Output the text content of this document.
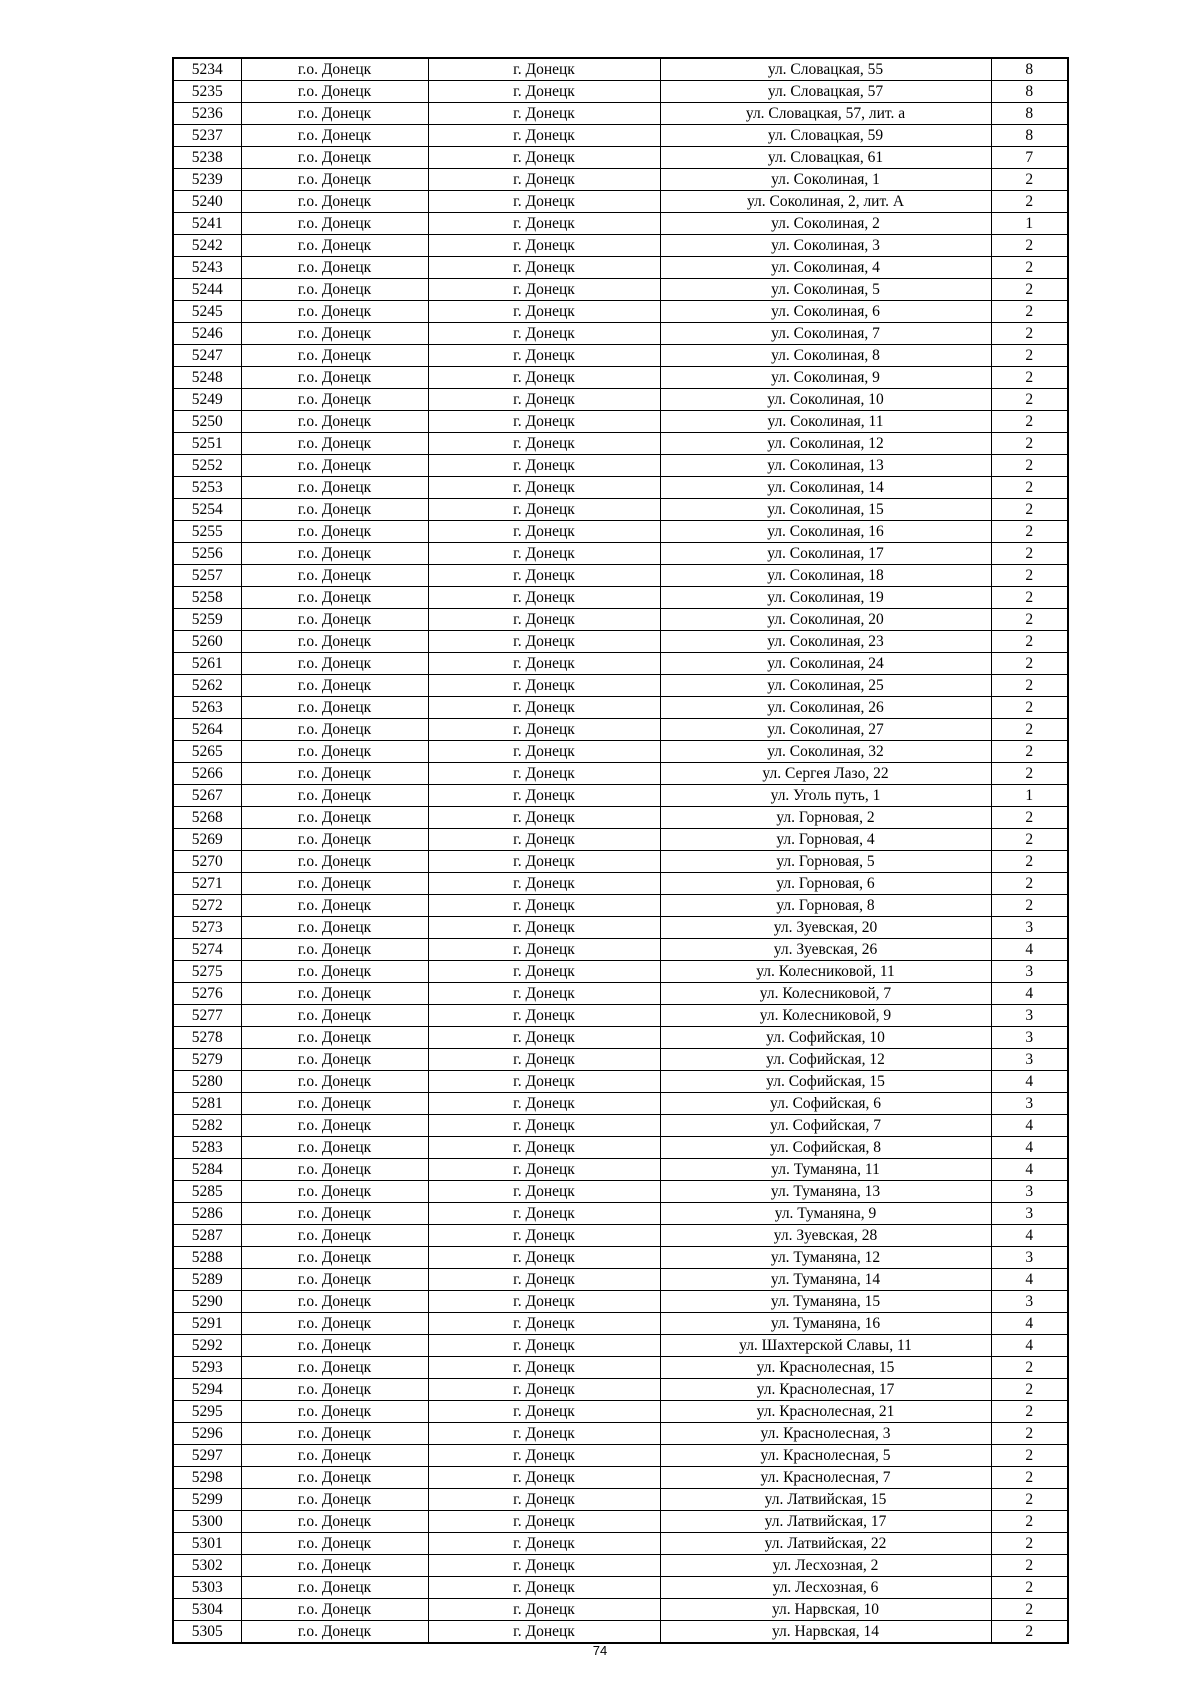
5234	г.о. Донецк	г. Донецк	ул. Словацкая, 55	8
5235	г.о. Донецк	г. Донецк	ул. Словацкая, 57	8
5236	г.о. Донецк	г. Донецк	ул. Словацкая, 57, лит. а	8
5237	г.о. Донецк	г. Донецк	ул. Словацкая, 59	8
5238	г.о. Донецк	г. Донецк	ул. Словацкая, 61	7
5239	г.о. Донецк	г. Донецк	ул. Соколиная, 1	2
5240	г.о. Донецк	г. Донецк	ул. Соколиная, 2, лит. А	2
5241	г.о. Донецк	г. Донецк	ул. Соколиная, 2	1
5242	г.о. Донецк	г. Донецк	ул. Соколиная, 3	2
5243	г.о. Донецк	г. Донецк	ул. Соколиная, 4	2
5244	г.о. Донецк	г. Донецк	ул. Соколиная, 5	2
5245	г.о. Донецк	г. Донецк	ул. Соколиная, 6	2
5246	г.о. Донецк	г. Донецк	ул. Соколиная, 7	2
5247	г.о. Донецк	г. Донецк	ул. Соколиная, 8	2
5248	г.о. Донецк	г. Донецк	ул. Соколиная, 9	2
5249	г.о. Донецк	г. Донецк	ул. Соколиная, 10	2
5250	г.о. Донецк	г. Донецк	ул. Соколиная, 11	2
5251	г.о. Донецк	г. Донецк	ул. Соколиная, 12	2
5252	г.о. Донецк	г. Донецк	ул. Соколиная, 13	2
5253	г.о. Донецк	г. Донецк	ул. Соколиная, 14	2
5254	г.о. Донецк	г. Донецк	ул. Соколиная, 15	2
5255	г.о. Донецк	г. Донецк	ул. Соколиная, 16	2
5256	г.о. Донецк	г. Донецк	ул. Соколиная, 17	2
5257	г.о. Донецк	г. Донецк	ул. Соколиная, 18	2
5258	г.о. Донецк	г. Донецк	ул. Соколиная, 19	2
5259	г.о. Донецк	г. Донецк	ул. Соколиная, 20	2
5260	г.о. Донецк	г. Донецк	ул. Соколиная, 23	2
5261	г.о. Донецк	г. Донецк	ул. Соколиная, 24	2
5262	г.о. Донецк	г. Донецк	ул. Соколиная, 25	2
5263	г.о. Донецк	г. Донецк	ул. Соколиная, 26	2
5264	г.о. Донецк	г. Донецк	ул. Соколиная, 27	2
5265	г.о. Донецк	г. Донецк	ул. Соколиная, 32	2
5266	г.о. Донецк	г. Донецк	ул. Сергея Лазо, 22	2
5267	г.о. Донецк	г. Донецк	ул. Уголь путь, 1	1
5268	г.о. Донецк	г. Донецк	ул. Горновая, 2	2
5269	г.о. Донецк	г. Донецк	ул. Горновая, 4	2
5270	г.о. Донецк	г. Донецк	ул. Горновая, 5	2
5271	г.о. Донецк	г. Донецк	ул. Горновая, 6	2
5272	г.о. Донецк	г. Донецк	ул. Горновая, 8	2
5273	г.о. Донецк	г. Донецк	ул. Зуевская, 20	3
5274	г.о. Донецк	г. Донецк	ул. Зуевская, 26	4
5275	г.о. Донецк	г. Донецк	ул. Колесниковой, 11	3
5276	г.о. Донецк	г. Донецк	ул. Колесниковой, 7	4
5277	г.о. Донецк	г. Донецк	ул. Колесниковой, 9	3
5278	г.о. Донецк	г. Донецк	ул. Софийская, 10	3
5279	г.о. Донецк	г. Донецк	ул. Софийская, 12	3
5280	г.о. Донецк	г. Донецк	ул. Софийская, 15	4
5281	г.о. Донецк	г. Донецк	ул. Софийская, 6	3
5282	г.о. Донецк	г. Донецк	ул. Софийская, 7	4
5283	г.о. Донецк	г. Донецк	ул. Софийская, 8	4
5284	г.о. Донецк	г. Донецк	ул. Туманяна, 11	4
5285	г.о. Донецк	г. Донецк	ул. Туманяна, 13	3
5286	г.о. Донецк	г. Донецк	ул. Туманяна, 9	3
5287	г.о. Донецк	г. Донецк	ул. Зуевская, 28	4
5288	г.о. Донецк	г. Донецк	ул. Туманяна, 12	3
5289	г.о. Донецк	г. Донецк	ул. Туманяна, 14	4
5290	г.о. Донецк	г. Донецк	ул. Туманяна, 15	3
5291	г.о. Донецк	г. Донецк	ул. Туманяна, 16	4
5292	г.о. Донецк	г. Донецк	ул. Шахтерской Славы, 11	4
5293	г.о. Донецк	г. Донецк	ул. Краснолесная, 15	2
5294	г.о. Донецк	г. Донецк	ул. Краснолесная, 17	2
5295	г.о. Донецк	г. Донецк	ул. Краснолесная, 21	2
5296	г.о. Донецк	г. Донецк	ул. Краснолесная, 3	2
5297	г.о. Донецк	г. Донецк	ул. Краснолесная, 5	2
5298	г.о. Донецк	г. Донецк	ул. Краснолесная, 7	2
5299	г.о. Донецк	г. Донецк	ул. Латвийская, 15	2
5300	г.о. Донецк	г. Донецк	ул. Латвийская, 17	2
5301	г.о. Донецк	г. Донецк	ул. Латвийская, 22	2
5302	г.о. Донецк	г. Донецк	ул. Лесхозная, 2	2
5303	г.о. Донецк	г. Донецк	ул. Лесхозная, 6	2
5304	г.о. Донецк	г. Донецк	ул. Нарвская, 10	2
5305	г.о. Донецк	г. Донецк	ул. Нарвская, 14	2
74
